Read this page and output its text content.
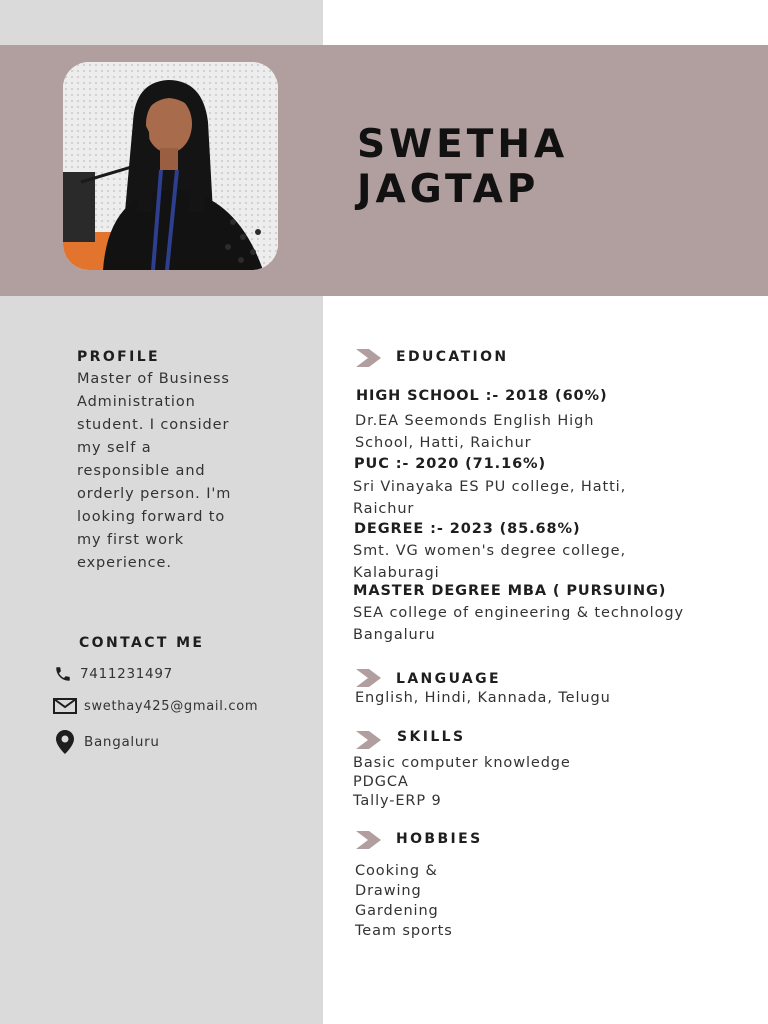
SWETHA
JAGTAP
PROFILE
Master of Business
Administration
student. I consider
my self a
responsible and
orderly person. I'm
looking forward to
my first work
experience.
CONTACT ME
7411231497
swethay425@gmail.com
Bangaluru
EDUCATION
HIGH SCHOOL :- 2018 (60%)
Dr.EA Seemonds English High
School, Hatti, Raichur
PUC :- 2020 (71.16%)
Sri Vinayaka ES PU college, Hatti,
Raichur
DEGREE :- 2023 (85.68%)
Smt. VG women's degree college,
Kalaburagi
MASTER DEGREE MBA ( PURSUING)
SEA college of engineering & technology
Bangaluru
LANGUAGE
English, Hindi, Kannada, Telugu
SKILLS
Basic computer knowledge
PDGCA
Tally-ERP 9
HOBBIES
Cooking &
Drawing
Gardening
Team sports
